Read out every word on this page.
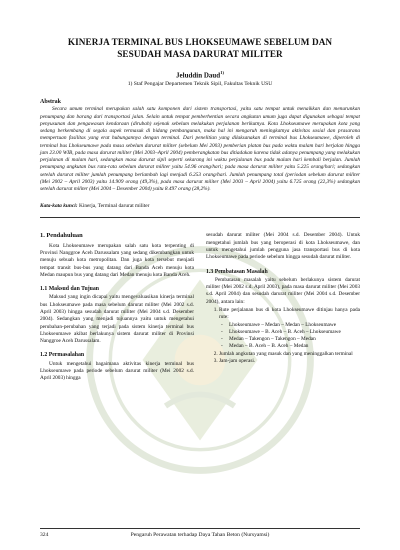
KINERJA TERMINAL BUS LHOKSEUMAWE SEBELUM DAN
SESUDAH MASA DARURAT MILITER
Jeluddin Daud$^{1)}$
1) Staf Pengajar Departemen Teknik Sipil, Fakultas Teknik USU
Abstrak
Secara umum terminal merupakan salah satu komponen dari sistem transportasi, yaitu satu tempat untuk menaikkan dan menurunkan penumpang dan barang dari transportasi jalan. Selain untuk tempat pemberhentian secara angkutan umum juga dapat digunakan sebagai tempat penyusunan dan pengawasan kendaraan (dirubah) sejenak sebelum melakukan perjalanan berikutnya. Kota Lhokseumawe merupakan kota yang sedang berkembang di segala aspek termasuk di bidang pembangunan, maka hal ini mengaruh meningkatnya aktivitas sosial dan prasarana mempertuan fasilitas yang erat hubungannya dengan terminal. Dari penelitian yang dilaksanakan di terminal bus Lhokseumawe, diperoleh di terminal bus Lhokseumawe pada masa sebelum darurat militer (sebelum Mei 2003) pemberian platan bus pada waktu malam hari berjalan hingga jam 23.00 WIB, pada masa darurat militer (Mei 2003–April 2004) pemberangkatan bus ditiadakan karena tidak adanya penumpang yang melakukan perjalanan di malam hari, sedangkan masa darurat sipil seperti sekarang ini waktu perjalanan bus pada malam hari kembali berjalan. Jumlah penumpang angkutan bus rata-rata sebelum darurat militer yaitu 54.96 orang/hari; pada masa darurat militer yaitu 5.225 orang/hari; sedangkan setelah darurat militer jumlah penumpang berlambah lagi menjadi 6.253 orang/hari. Jumlah penumpang total (periodan sebelum darurat militer (Mei 2002 – April 2003) yaitu 14.909 orang (49,3%), pada masa darurat militer (Mei 2003 – April 2004) yaitu 6.725 orang (22,3%) sedangkan setelah darurat militer (Mei 2004 – Desember 2004) yaitu 8.497 orang (28,2%).
Kata-kata kunci: Kinerja, Terminal darurat militer
1. Pendahuluan

Kota Lhokseumawe merupakan salah satu kota terpenting di Provinsi Nanggroe Aceh Darussalam yang sedang dikembangkan untuk menuju sebuah kota metropolitan. Dan juga kota tersebut menjadi tempat transit bus-bus yang datang dari Banda Aceh menuju kota Medan maupun bus yang datang dari Medan menuju kota Banda Aceh.

1.1 Maksud dan Tujuan

Maksud yang ingin dicapai yaitu mengevaluasikan kinerja terminal bus Lhokseumawe pada masa sebelum darurat militer (Mei 2002 s.d. April 2003) hingga sesudah darurat militer (Mei 2004 s.d. Desember 2004). Sedangkan yang menjadi tujuannya yaitu untuk mengetahui perubahan-perubahan yang terjadi pada sistem kinerja terminal bus Lhokseumawe akibat berlakunya sistem darurat militer di Provinsi Nanggroe Aceh Darussalam.

1.2 Permasalahan

Untuk mengetahui bagaimana aktivitas kinerja terminal bus Lhokseumawe pada periode sebelum darurat militer (Mei 2002 s.d. April 2003) hingga

sesudah darurat militer (Mei 2004 s.d. Desember 2004). Untuk mengetahui jumlah bus yang beroperasi di kota Lhokseumawe, dan untuk mengetahui jumlah pengguna jasa transportasi bus di kota Lhokseumawe pada periode sebelum hingga sesudah darurat militer.

1.3 Pembatasan Masalah

Pembatasan masalah yaitu sebelum berlakunya sistem darurat militer (Mei 2002 s.d. April 2003), pada masa darurat militer (Mei 2003 s.d. April 2004) dan sesudah darurat militer (Mei 2004 s.d. Desember 2004), antara lain:

1. Rute perjalanan bus di kota Lhokseumawe ditinjau hanya pada rute:
- Lhokseumawe – Medan – Medan – Lhokseumawe
- Lhokseumawe – B. Aceh – B. Aceh – Lhokseumawe
- Medan – Takengon – Takengon – Medan
- Medan – B. Aceh – B. Aceh – Medan
2. Jumlah angkutan yang masuk dan yang meninggalkan terminal
3. Jam-jam operasi.
324	Pengaruh Perawatan terhadap Daya Tahan Beton (Nursyamsi)
